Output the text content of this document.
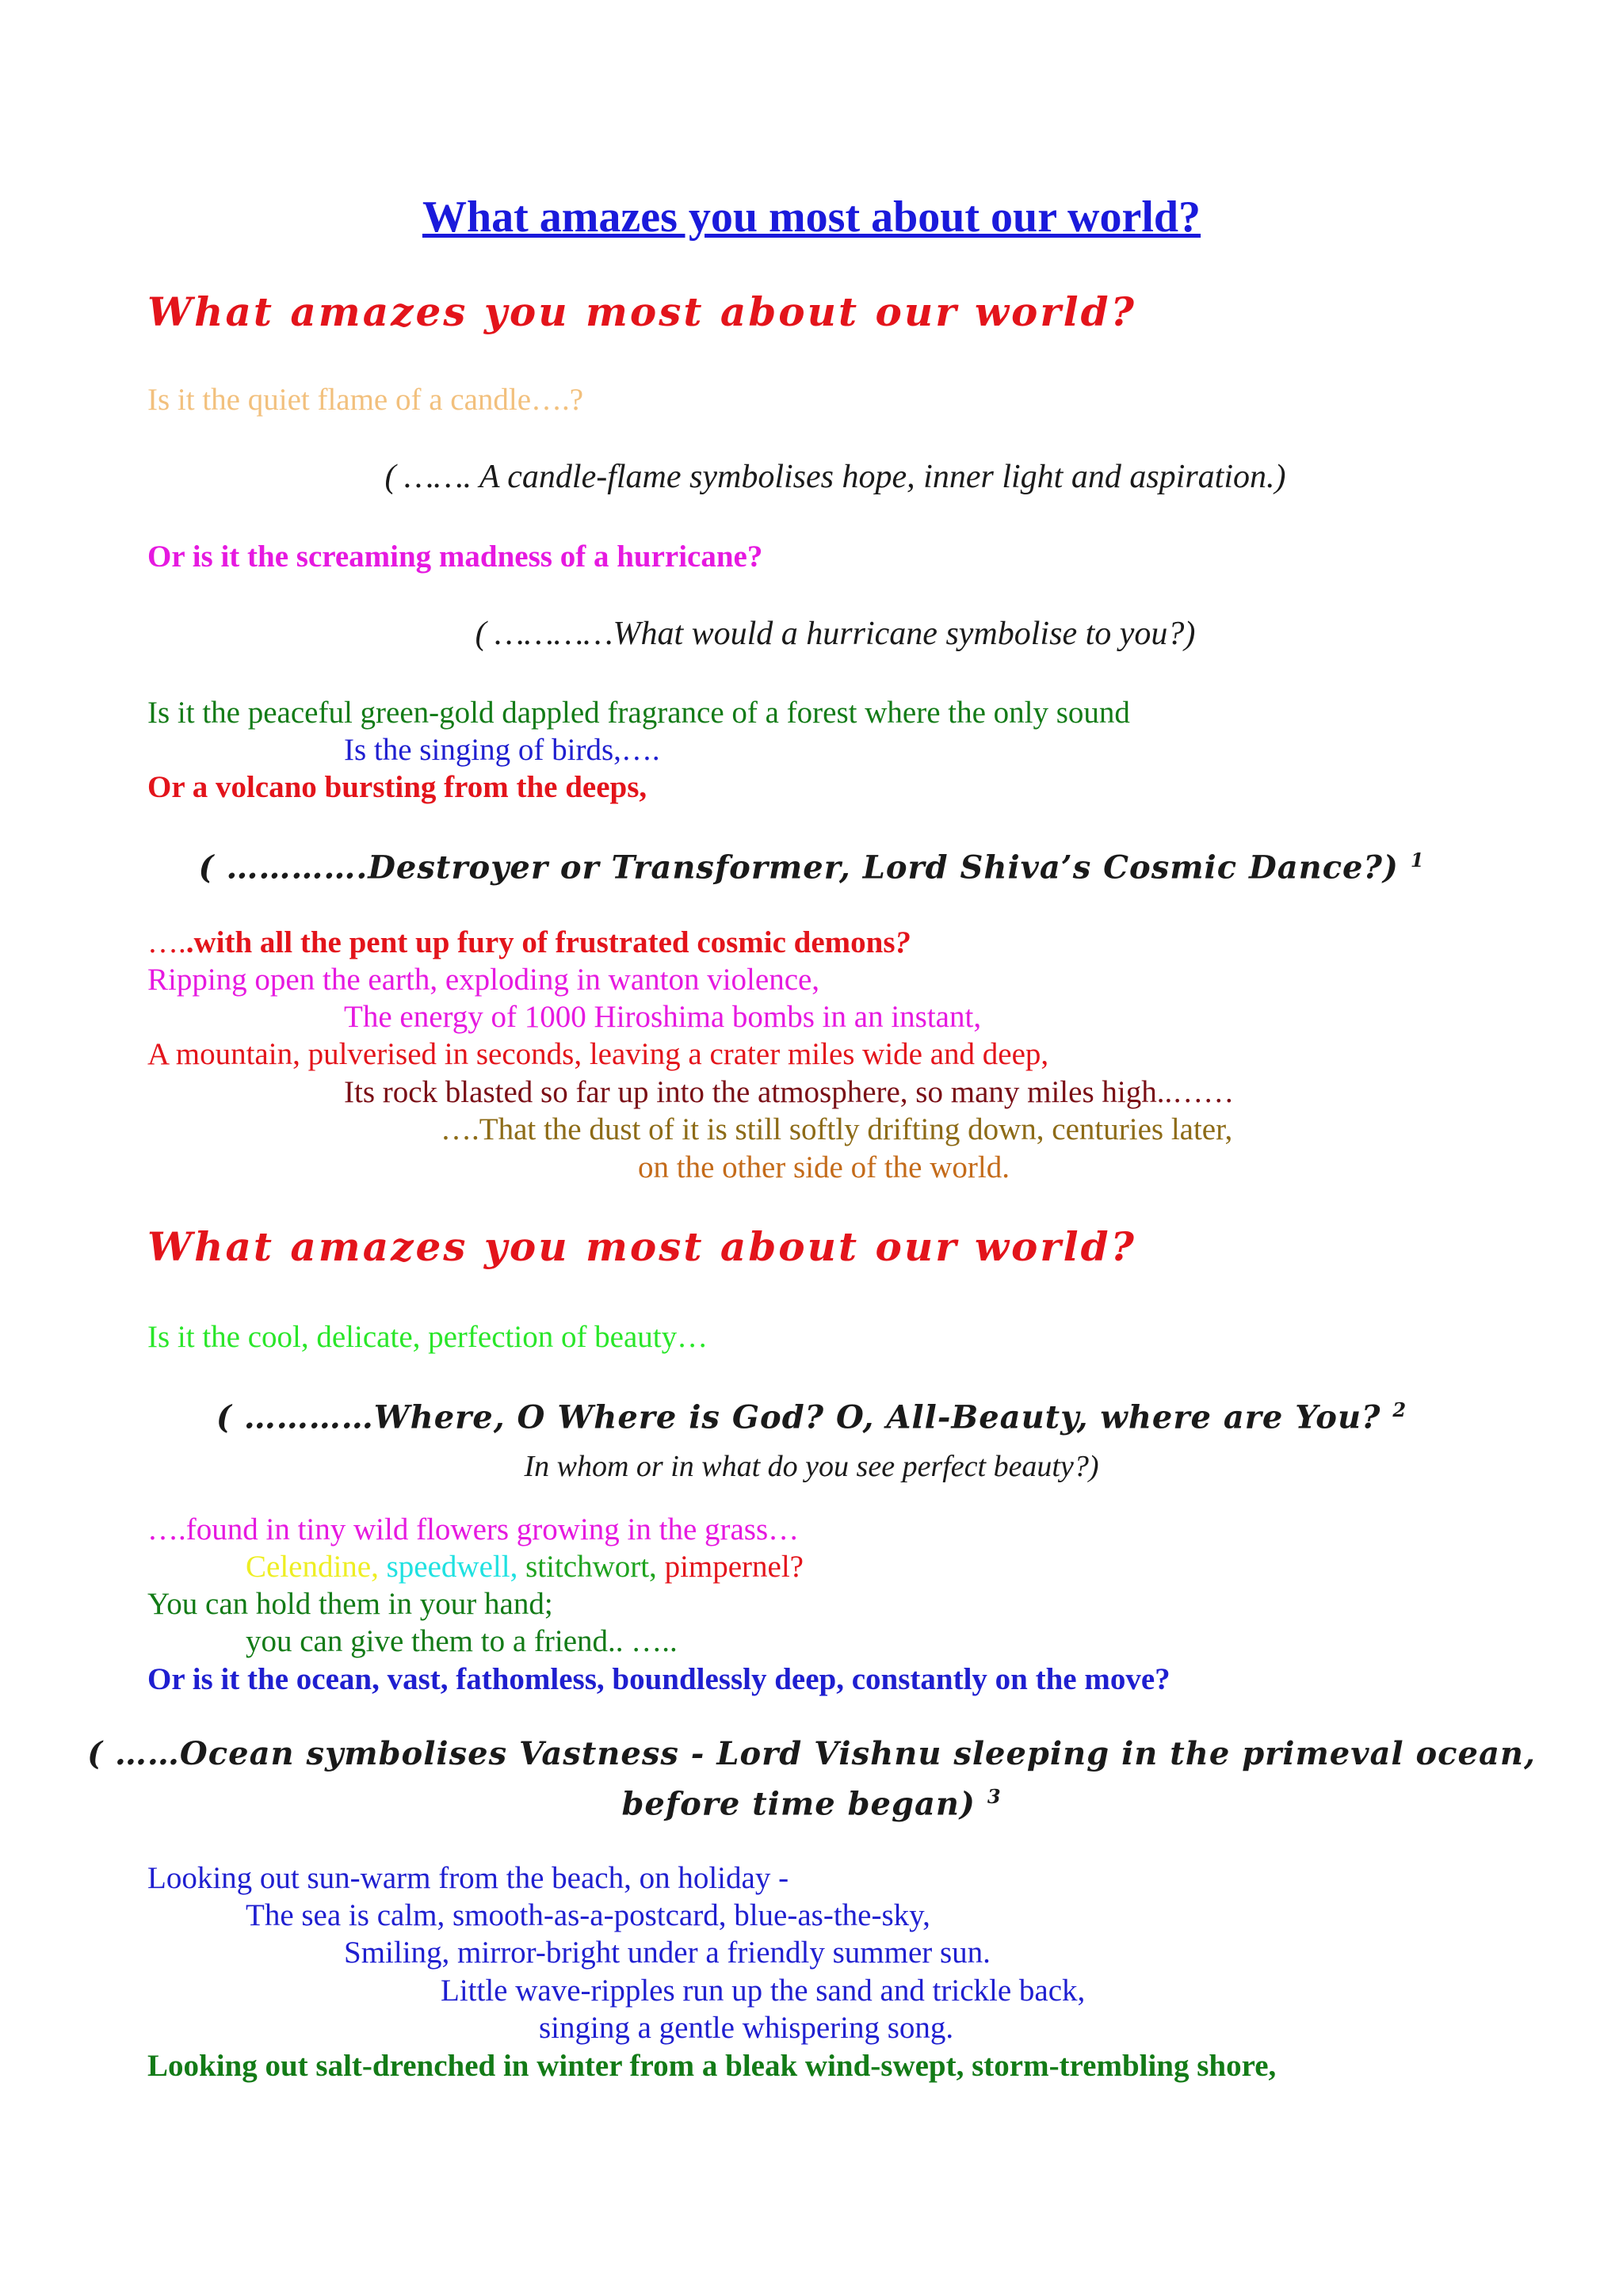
What amazes you most about our world?
What amazes you most about our world?
Is it the quiet flame of a candle….?
( ……. A candle-flame symbolises hope, inner light and aspiration.)
Or is it the screaming madness of a hurricane?
( …………What would a hurricane symbolise to you?)
Is it the peaceful green-gold dappled fragrance of a forest where the only sound
Is the singing of birds,….
Or a volcano bursting from the deeps,
( ………….Destroyer or Transformer, Lord Shiva’s Cosmic Dance?) $^1$
…..with all the pent up fury of frustrated cosmic demons?
Ripping open the earth, exploding in wanton violence,
The energy of 1000 Hiroshima bombs in an instant,
A mountain, pulverised in seconds, leaving a crater miles wide and deep,
Its rock blasted so far up into the atmosphere, so many miles high..……
….That the dust of it is still softly drifting down, centuries later,
on the other side of the world.
What amazes you most about our world?
Is it the cool, delicate, perfection of beauty…
( …………Where, O Where is God? O, All-Beauty, where are You? $^2$
In whom or in what do you see perfect beauty?)
….found in tiny wild flowers growing in the grass…
Celendine, speedwell, stitchwort, pimpernel?
You can hold them in your hand;
you can give them to a friend.. …..
Or is it the ocean, vast, fathomless, boundlessly deep, constantly on the move?
( ……Ocean symbolises Vastness - Lord Vishnu sleeping in the primeval ocean,
before time began) $^3$
Looking out sun-warm from the beach, on holiday -
The sea is calm, smooth-as-a-postcard, blue-as-the-sky,
Smiling, mirror-bright under a friendly summer sun.
Little wave-ripples run up the sand and trickle back,
singing a gentle whispering song.
Looking out salt-drenched in winter from a bleak wind-swept, storm-trembling shore,
